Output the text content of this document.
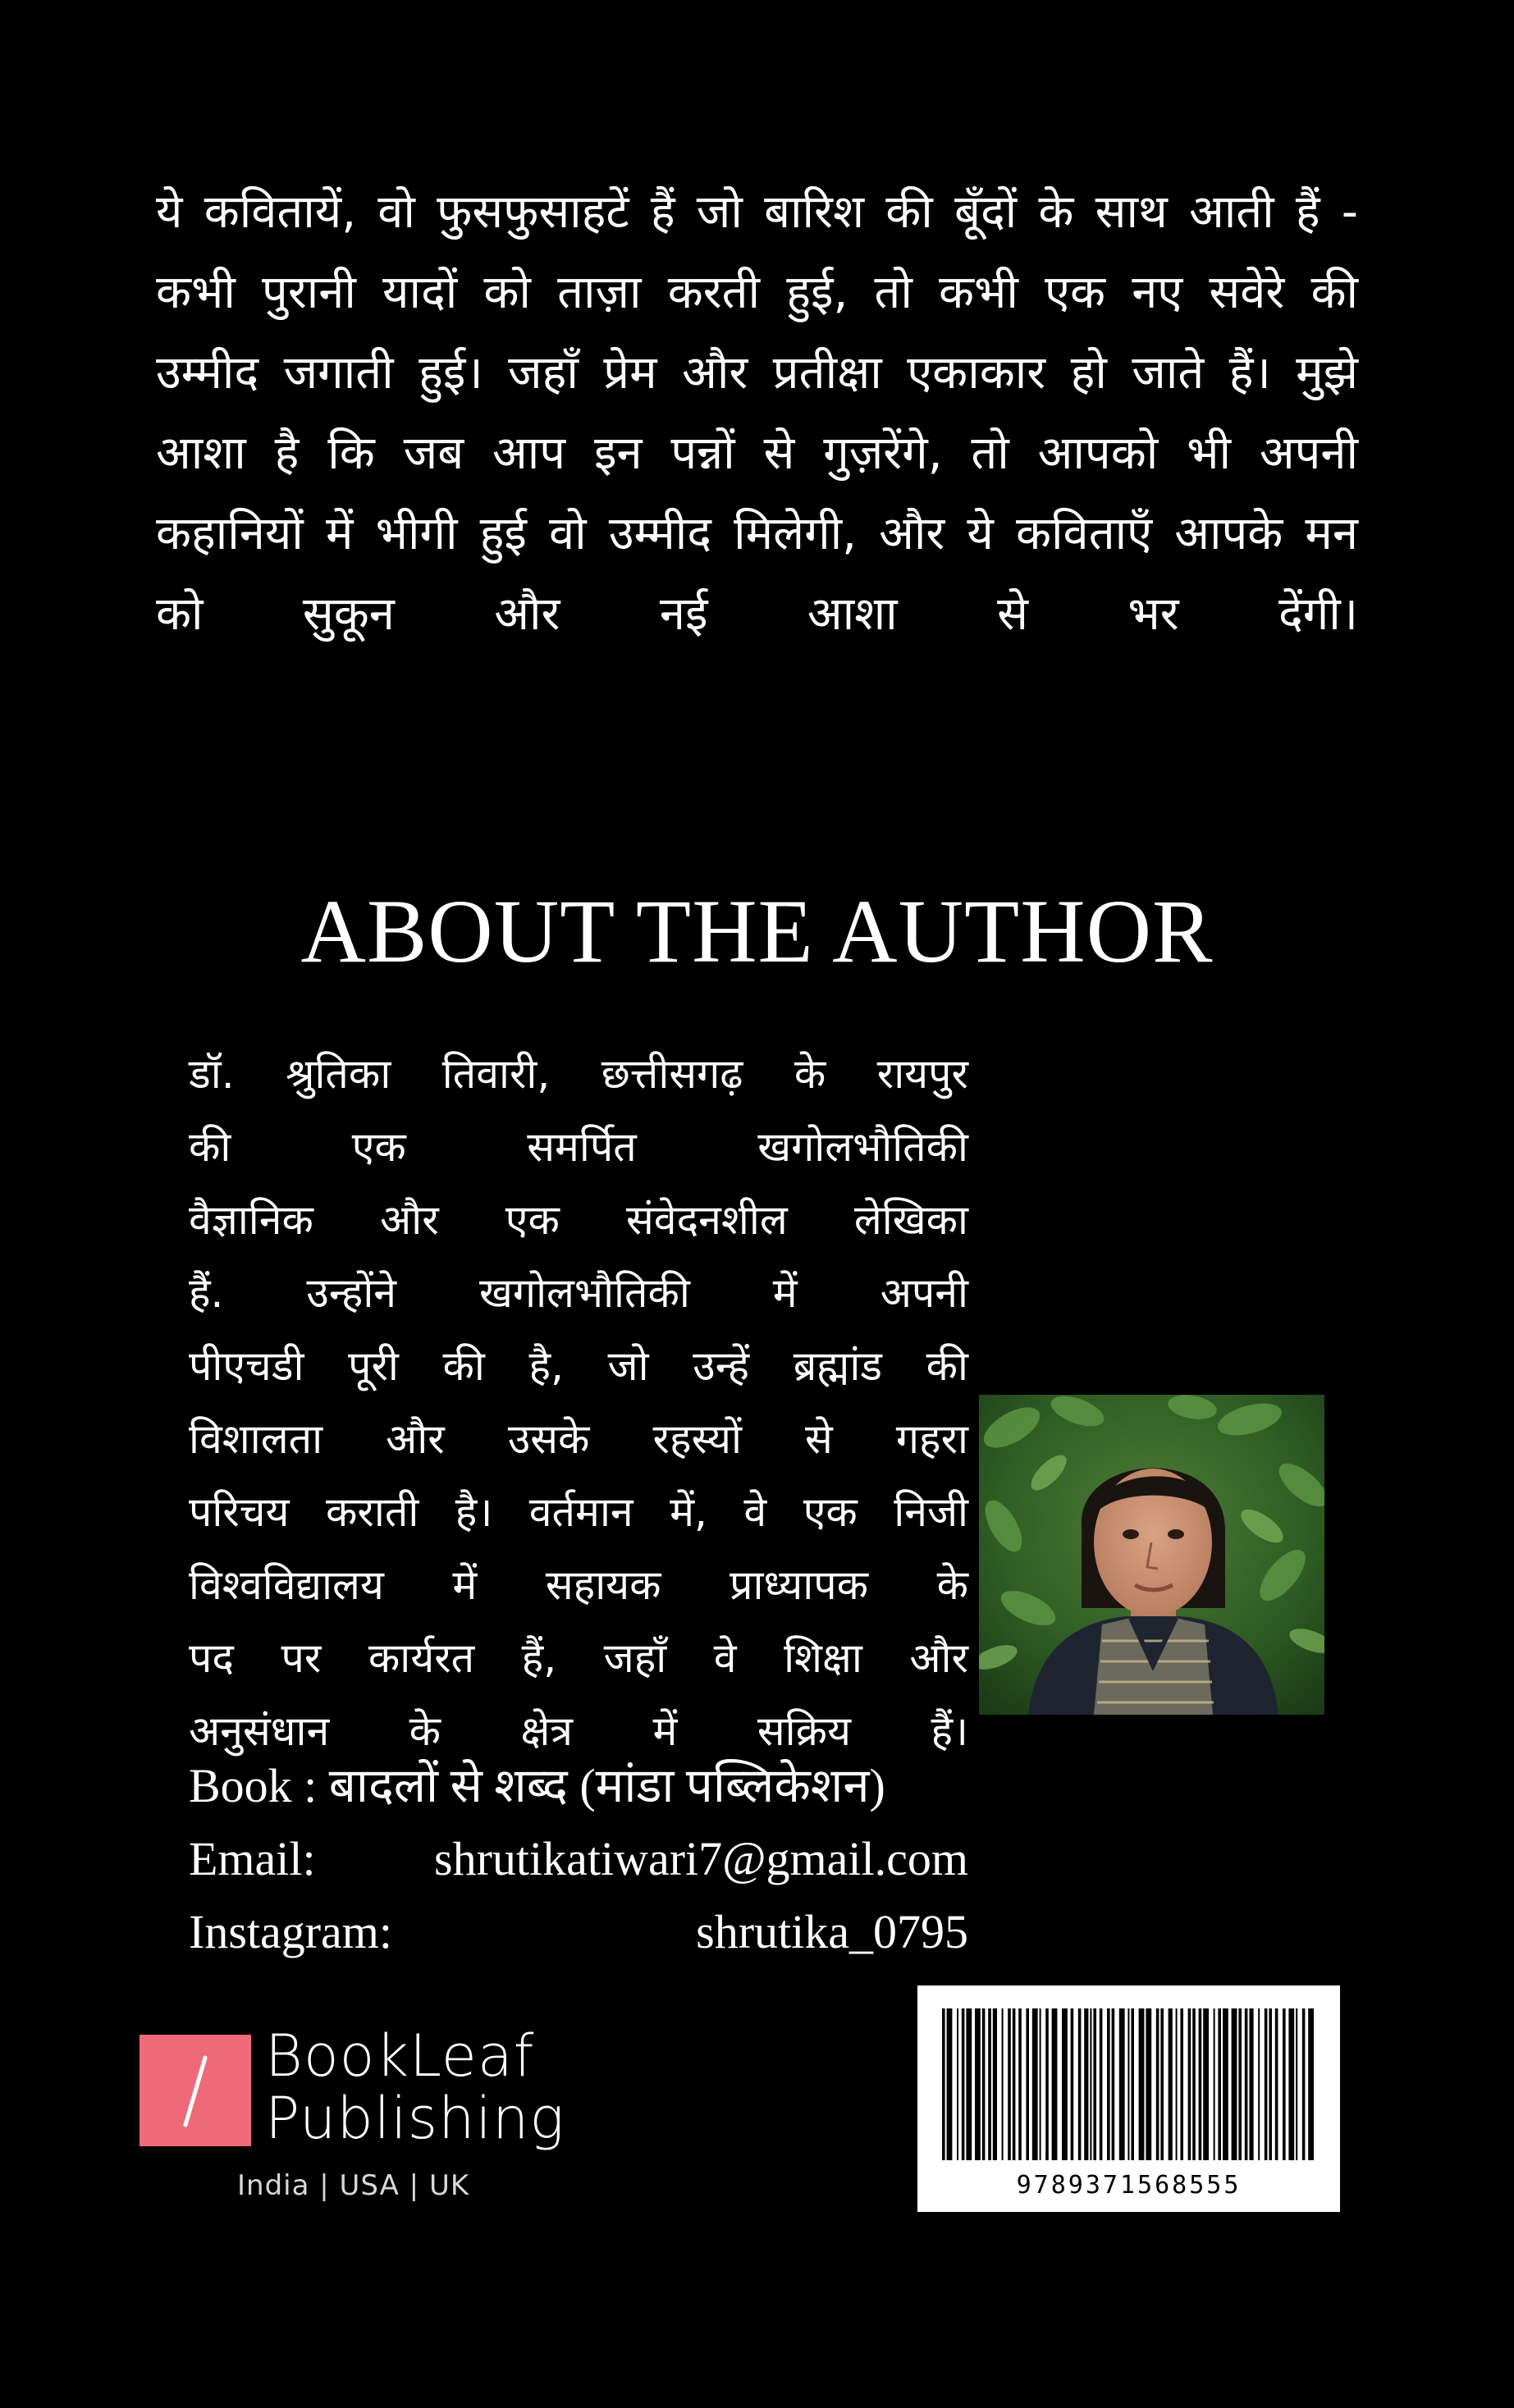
ये कवितायें, वो फुसफुसाहटें हैं जो बारिश की बूँदों के साथ आती हैं -
कभी पुरानी यादों को ताज़ा करती हुई, तो कभी एक नए सवेरे की
उम्मीद जगाती हुई। जहाँ प्रेम और प्रतीक्षा एकाकार हो जाते हैं। मुझे
आशा है कि जब आप इन पन्नों से गुज़रेंगे, तो आपको भी अपनी
कहानियों में भीगी हुई वो उम्मीद मिलेगी, और ये कविताएँ आपके मन
को सुकून और नई आशा से भर देंगी।
ABOUT THE AUTHOR
डॉ. श्रुतिका तिवारी, छत्तीसगढ़ के रायपुर
की एक समर्पित खगोलभौतिकी
वैज्ञानिक और एक संवेदनशील लेखिका
हैं. उन्होंने खगोलभौतिकी में अपनी
पीएचडी पूरी की है, जो उन्हें ब्रह्मांड की
विशालता और उसके रहस्यों से गहरा
परिचय कराती है। वर्तमान में, वे एक निजी
विश्वविद्यालय में सहायक प्राध्यापक के
पद पर कार्यरत हैं, जहाँ वे शिक्षा और
अनुसंधान के क्षेत्र में सक्रिय हैं।
Book : बादलों से शब्द (मांडा पब्लिकेशन)
Email: shrutikatiwari7@gmail.com
Instagram:	shrutika_0795
BookLeaf
Publishing
India | USA | UK	9789371568555
